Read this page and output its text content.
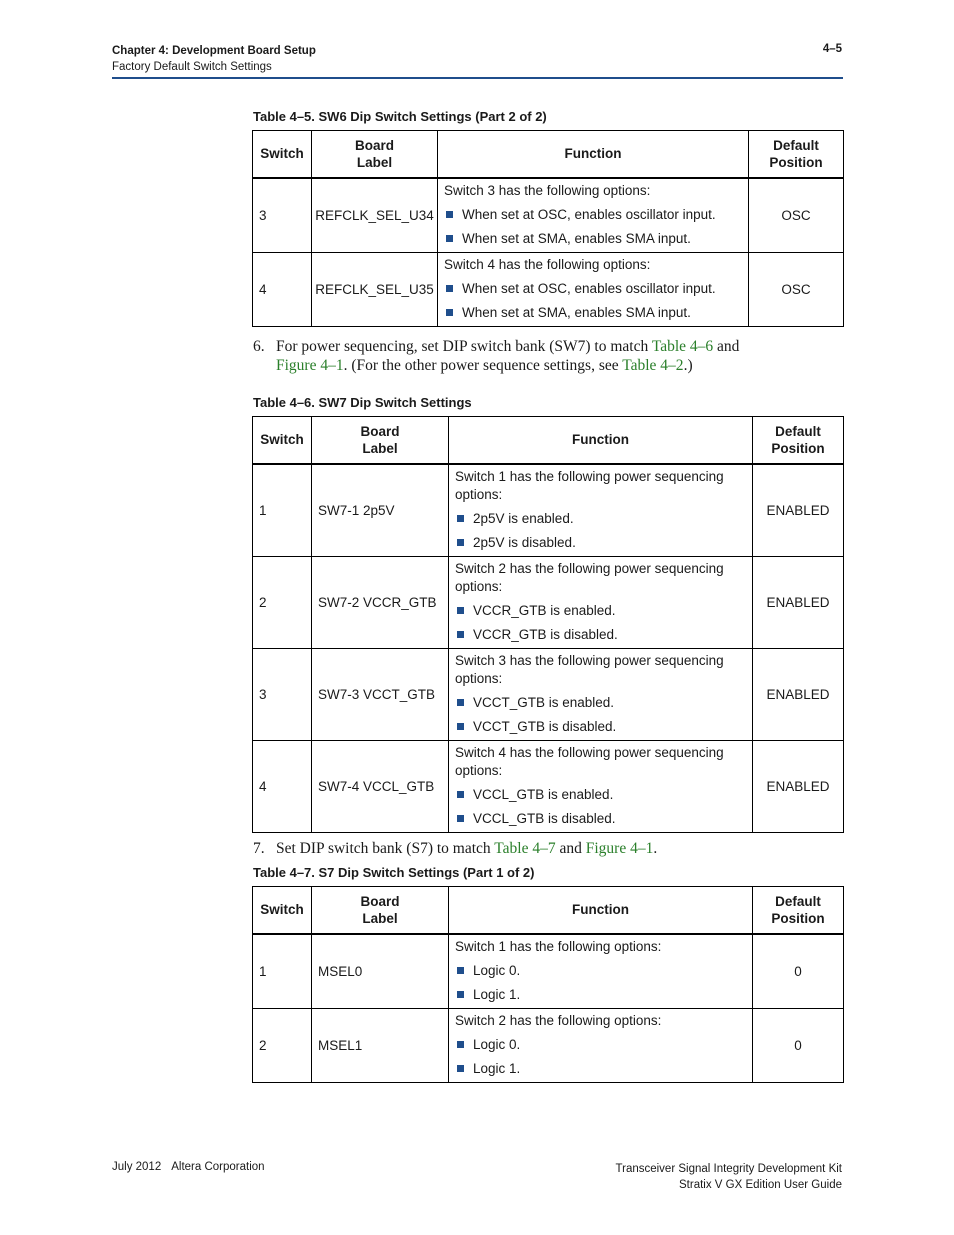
Chapter 4: Development Board Setup
Factory Default Switch Settings
4–5
Table 4–5. SW6 Dip Switch Settings (Part 2 of 2)
Switch	Board
Label	Function	Default
Position
3	REFCLK_SEL_U34	Switch 3 has the following options:
When set at OSC, enables oscillator input.
When set at SMA, enables SMA input.	OSC
4	REFCLK_SEL_U35	Switch 4 has the following options:
When set at OSC, enables oscillator input.
When set at SMA, enables SMA input.	OSC
6. For power sequencing, set DIP switch bank (SW7) to match Table 4–6 and
Figure 4–1. (For the other power sequence settings, see Table 4–2.)
Table 4–6. SW7 Dip Switch Settings
Switch	Board
Label	Function	Default
Position
1	SW7-1 2p5V	Switch 1 has the following power sequencing options:
2p5V is enabled.
2p5V is disabled.	ENABLED
2	SW7-2 VCCR_GTB	Switch 2 has the following power sequencing options:
VCCR_GTB is enabled.
VCCR_GTB is disabled.	ENABLED
3	SW7-3 VCCT_GTB	Switch 3 has the following power sequencing options:
VCCT_GTB is enabled.
VCCT_GTB is disabled.	ENABLED
4	SW7-4 VCCL_GTB	Switch 4 has the following power sequencing options:
VCCL_GTB is enabled.
VCCL_GTB is disabled.	ENABLED
7. Set DIP switch bank (S7) to match Table 4–7 and Figure 4–1.
Table 4–7. S7 Dip Switch Settings (Part 1 of 2)
Switch	Board
Label	Function	Default
Position
1	MSEL0	Switch 1 has the following options:
Logic 0.
Logic 1.	0
2	MSEL1	Switch 2 has the following options:
Logic 0.
Logic 1.	0
July 2012 Altera Corporation	Transceiver Signal Integrity Development Kit
Stratix V GX Edition User Guide
